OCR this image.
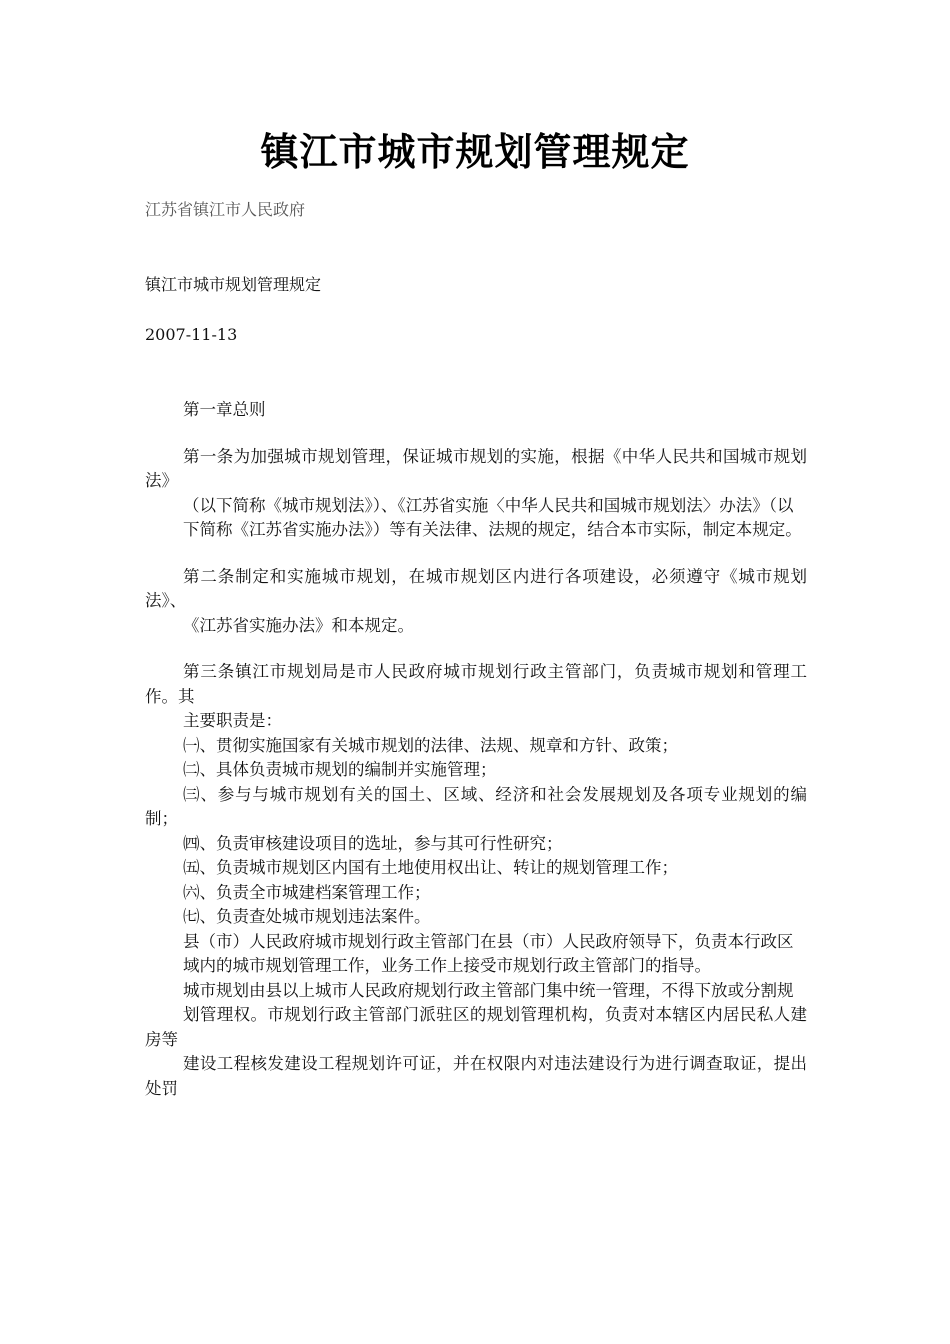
镇江市城市规划管理规定
江苏省镇江市人民政府
镇江市城市规划管理规定
2007-11-13

第一章总则

第一条为加强城市规划管理，保证城市规划的实施，根据《中华人民共和国城市规划法》

（以下简称《城市规划法》）、《江苏省实施〈中华人民共和国城市规划法〉办法》（以

下简称《江苏省实施办法》）等有关法律、法规的规定，结合本市实际，制定本规定。

第二条制定和实施城市规划，在城市规划区内进行各项建设，必须遵守《城市规划法》、

《江苏省实施办法》和本规定。

第三条镇江市规划局是市人民政府城市规划行政主管部门，负责城市规划和管理工作。其

主要职责是：

㈠、贯彻实施国家有关城市规划的法律、法规、规章和方针、政策；

㈡、具体负责城市规划的编制并实施管理；

㈢、参与与城市规划有关的国土、区域、经济和社会发展规划及各项专业规划的编制；

㈣、负责审核建设项目的选址，参与其可行性研究；

㈤、负责城市规划区内国有土地使用权出让、转让的规划管理工作；

㈥、负责全市城建档案管理工作；

㈦、负责查处城市规划违法案件。

县（市）人民政府城市规划行政主管部门在县（市）人民政府领导下，负责本行政区

域内的城市规划管理工作，业务工作上接受市规划行政主管部门的指导。

城市规划由县以上城市人民政府规划行政主管部门集中统一管理，不得下放或分割规

划管理权。市规划行政主管部门派驻区的规划管理机构，负责对本辖区内居民私人建房等

建设工程核发建设工程规划许可证，并在权限内对违法建设行为进行调查取证，提出处罚
